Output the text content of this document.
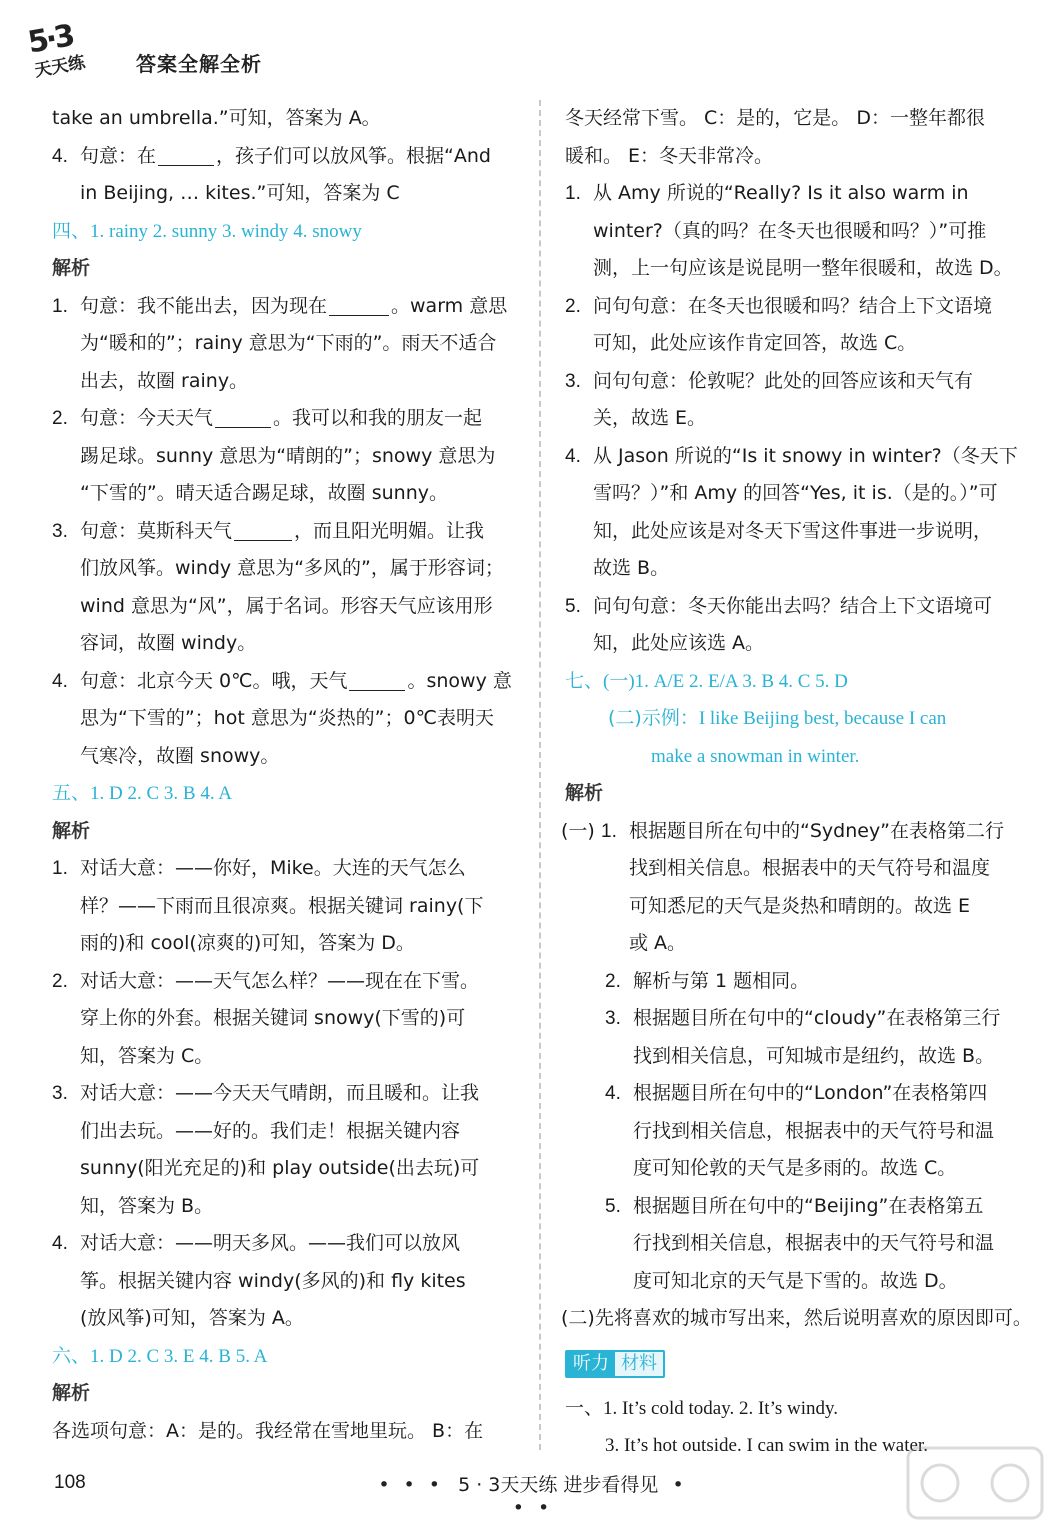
5·3
天天练 答案全解全析
take an umbrella.”可知，答案为 A。
4. 句意：在	，孩子们可以放风筝。根据“And
in Beijing, … kites.”可知，答案为 C
四、1. rainy 2. sunny 3. windy 4. snowy
解析
1. 句意：我不能出去，因为现在	。warm 意思
为“暖和的”；rainy 意思为“下雨的”。雨天不适合
出去，故圈 rainy。
2. 句意：今天天气	。我可以和我的朋友一起
踢足球。sunny 意思为“晴朗的”；snowy 意思为
“下雪的”。晴天适合踢足球，故圈 sunny。
3. 句意：莫斯科天气	，而且阳光明媚。让我
们放风筝。windy 意思为“多风的”，属于形容词；
wind 意思为“风”，属于名词。形容天气应该用形
容词，故圈 windy。
4. 句意：北京今天 0℃。哦，天气	。snowy 意
思为“下雪的”；hot 意思为“炎热的”；0℃表明天
气寒冷，故圈 snowy。
五、1. D 2. C 3. B 4. A
解析
1. 对话大意：——你好，Mike。大连的天气怎么
样？——下雨而且很凉爽。根据关键词 rainy(下
雨的)和 cool(凉爽的)可知，答案为 D。
2. 对话大意：——天气怎么样？——现在在下雪。
穿上你的外套。根据关键词 snowy(下雪的)可
知，答案为 C。
3. 对话大意：——今天天气晴朗，而且暖和。让我
们出去玩。——好的。我们走！根据关键内容
sunny(阳光充足的)和 play outside(出去玩)可
知，答案为 B。
4. 对话大意：——明天多风。——我们可以放风
筝。根据关键内容 windy(多风的)和 fly kites
(放风筝)可知，答案为 A。
六、1. D 2. C 3. E 4. B 5. A
解析
各选项句意：A：是的。我经常在雪地里玩。 B：在
冬天经常下雪。 C：是的，它是。 D：一整年都很
暖和。 E：冬天非常冷。
1. 从 Amy 所说的“Really? Is it also warm in
winter?（真的吗？在冬天也很暖和吗？）”可推
测，上一句应该是说昆明一整年很暖和，故选 D。
2. 问句句意：在冬天也很暖和吗？结合上下文语境
可知，此处应该作肯定回答，故选 C。
3. 问句句意：伦敦呢？此处的回答应该和天气有
关，故选 E。
4. 从 Jason 所说的“Is it snowy in winter?（冬天下
雪吗？）”和 Amy 的回答“Yes, it is.（是的。）”可
知，此处应该是对冬天下雪这件事进一步说明，
故选 B。
5. 问句句意：冬天你能出去吗？结合上下文语境可
知，此处应该选 A。
七、(一)1. A/E 2. E/A 3. B 4. C 5. D
(二)示例：I like Beijing best, because I can
make a snowman in winter.
解析
(一) 1. 根据题目所在句中的“Sydney”在表格第二行
找到相关信息。根据表中的天气符号和温度
可知悉尼的天气是炎热和晴朗的。故选 E
或 A。
2. 解析与第 1 题相同。
3. 根据题目所在句中的“cloudy”在表格第三行
找到相关信息，可知城市是纽约，故选 B。
4. 根据题目所在句中的“London”在表格第四
行找到相关信息，根据表中的天气符号和温
度可知伦敦的天气是多雨的。故选 C。
5. 根据题目所在句中的“Beijing”在表格第五
行找到相关信息，根据表中的天气符号和温
度可知北京的天气是下雪的。故选 D。
(二)先将喜欢的城市写出来，然后说明喜欢的原因即可。
听力 材料
一、1. It’s cold today. 2. It’s windy.
3. It’s hot outside. I can swim in the water.
108	• • • 5 · 3天天练 进步看得见 • • •
